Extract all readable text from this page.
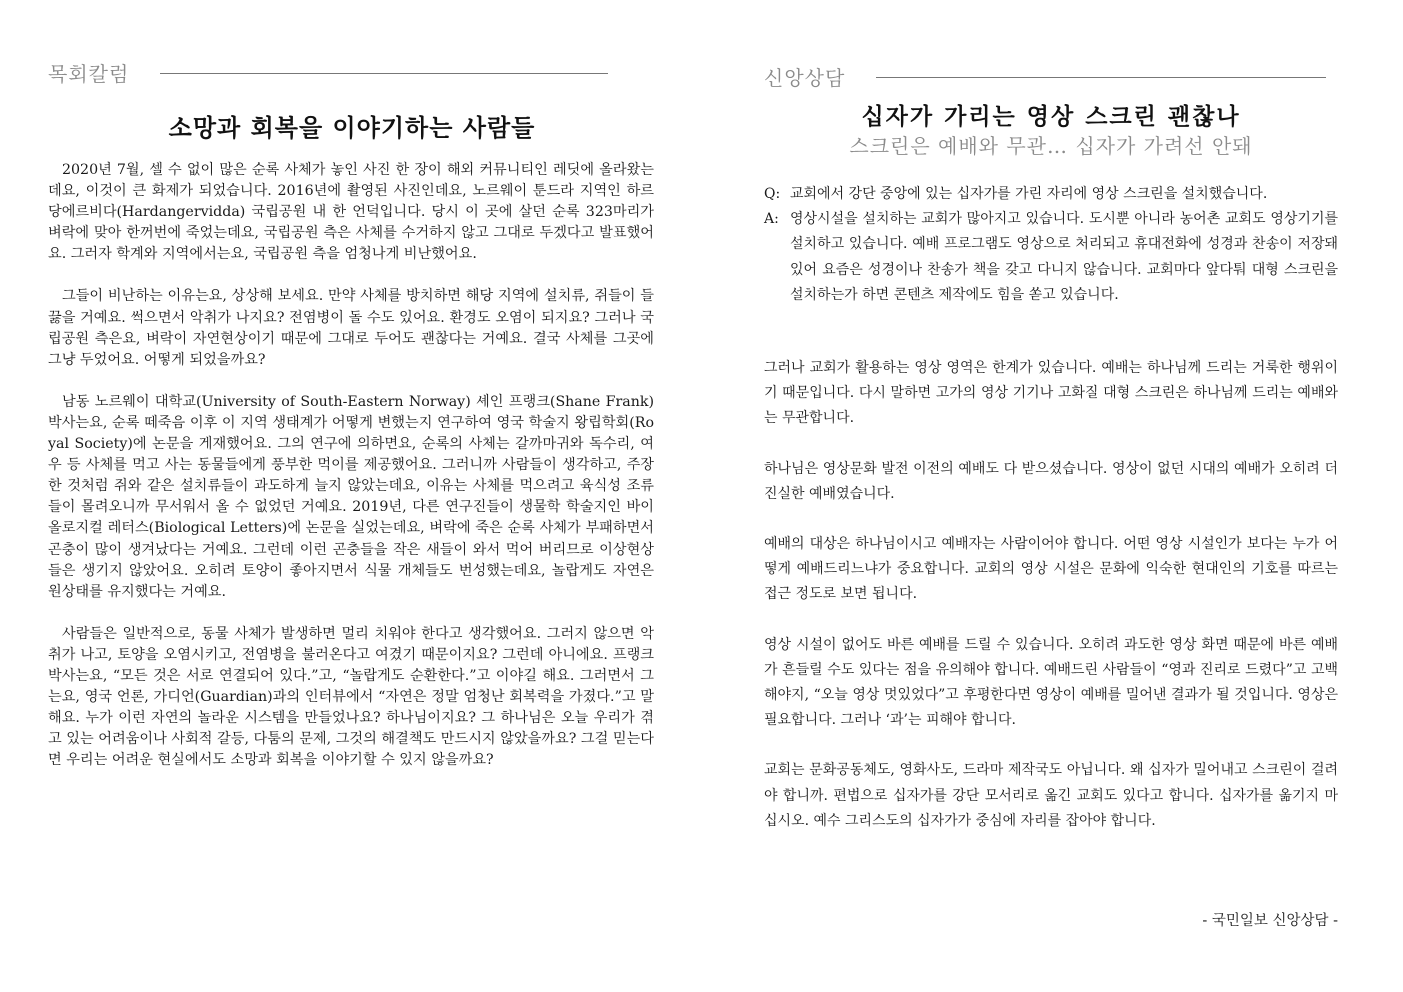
목회칼럼
소망과 회복을 이야기하는 사람들

2020년 7월, 셀 수 없이 많은 순록 사체가 놓인 사진 한 장이 해외 커뮤니티인 레딧에 올라왔는데요, 이것이 큰 화제가 되었습니다. 2016년에 촬영된 사진인데요, 노르웨이 툰드라 지역인 하르당에르비다(Hardangervidda) 국립공원 내 한 언덕입니다. 당시 이 곳에 살던 순록 323마리가 벼락에 맞아 한꺼번에 죽었는데요, 국립공원 측은 사체를 수거하지 않고 그대로 두겠다고 발표했어요. 그러자 학계와 지역에서는요, 국립공원 측을 엄청나게 비난했어요.

그들이 비난하는 이유는요, 상상해 보세요. 만약 사체를 방치하면 해당 지역에 설치류, 쥐들이 들끓을 거예요. 썩으면서 악취가 나지요? 전염병이 돌 수도 있어요. 환경도 오염이 되지요? 그러나 국립공원 측은요, 벼락이 자연현상이기 때문에 그대로 두어도 괜찮다는 거예요. 결국 사체를 그곳에 그냥 두었어요. 어떻게 되었을까요?

남동 노르웨이 대학교(University of South-Eastern Norway) 셰인 프랭크(Shane Frank)박사는요, 순록 떼죽음 이후 이 지역 생태계가 어떻게 변했는지 연구하여 영국 학술지 왕립학회(Royal Society)에 논문을 게재했어요. 그의 연구에 의하면요, 순록의 사체는 갈까마귀와 독수리, 여우 등 사체를 먹고 사는 동물들에게 풍부한 먹이를 제공했어요. 그러니까 사람들이 생각하고, 주장한 것처럼 쥐와 같은 설치류들이 과도하게 늘지 않았는데요, 이유는 사체를 먹으려고 육식성 조류들이 몰려오니까 무서워서 올 수 없었던 거예요. 2019년, 다른 연구진들이 생물학 학술지인 바이올로지컬 레터스(Biological Letters)에 논문을 실었는데요, 벼락에 죽은 순록 사체가 부패하면서 곤충이 많이 생겨났다는 거예요. 그런데 이런 곤충들을 작은 새들이 와서 먹어 버리므로 이상현상들은 생기지 않았어요. 오히려 토양이 좋아지면서 식물 개체들도 번성했는데요, 놀랍게도 자연은 원상태를 유지했다는 거예요.

사람들은 일반적으로, 동물 사체가 발생하면 멀리 치워야 한다고 생각했어요. 그러지 않으면 악취가 나고, 토양을 오염시키고, 전염병을 불러온다고 여겼기 때문이지요? 그런데 아니에요. 프랭크 박사는요, “모든 것은 서로 연결되어 있다.”고, “놀랍게도 순환한다.”고 이야길 해요. 그러면서 그는요, 영국 언론, 가디언(Guardian)과의 인터뷰에서 “자연은 정말 엄청난 회복력을 가졌다.”고 말해요. 누가 이런 자연의 놀라운 시스템을 만들었나요? 하나님이지요? 그 하나님은 오늘 우리가 겪고 있는 어려움이나 사회적 갈등, 다툼의 문제, 그것의 해결책도 만드시지 않았을까요? 그걸 믿는다면 우리는 어려운 현실에서도 소망과 회복을 이야기할 수 있지 않을까요?

신앙상담
십자가 가리는 영상 스크린 괜찮나
스크린은 예배와 무관… 십자가 가려선 안돼
Q: 교회에서 강단 중앙에 있는 십자가를 가린 자리에 영상 스크린을 설치했습니다.
A: 영상시설을 설치하는 교회가 많아지고 있습니다. 도시뿐 아니라 농어촌 교회도 영상기기를 설치하고 있습니다. 예배 프로그램도 영상으로 처리되고 휴대전화에 성경과 찬송이 저장돼 있어 요즘은 성경이나 찬송가 책을 갖고 다니지 않습니다. 교회마다 앞다퉈 대형 스크린을 설치하는가 하면 콘텐츠 제작에도 힘을 쏟고 있습니다.

그러나 교회가 활용하는 영상 영역은 한계가 있습니다. 예배는 하나님께 드리는 거룩한 행위이기 때문입니다. 다시 말하면 고가의 영상 기기나 고화질 대형 스크린은 하나님께 드리는 예배와는 무관합니다.

하나님은 영상문화 발전 이전의 예배도 다 받으셨습니다. 영상이 없던 시대의 예배가 오히려 더 진실한 예배였습니다.

예배의 대상은 하나님이시고 예배자는 사람이어야 합니다. 어떤 영상 시설인가 보다는 누가 어떻게 예배드리느냐가 중요합니다. 교회의 영상 시설은 문화에 익숙한 현대인의 기호를 따르는 접근 정도로 보면 됩니다.

영상 시설이 없어도 바른 예배를 드릴 수 있습니다. 오히려 과도한 영상 화면 때문에 바른 예배가 흔들릴 수도 있다는 점을 유의해야 합니다. 예배드린 사람들이 “영과 진리로 드렸다”고 고백해야지, “오늘 영상 멋있었다”고 후평한다면 영상이 예배를 밀어낸 결과가 될 것입니다. 영상은 필요합니다. 그러나 ‘과’는 피해야 합니다.

교회는 문화공동체도, 영화사도, 드라마 제작국도 아닙니다. 왜 십자가 밀어내고 스크린이 걸려야 합니까. 편법으로 십자가를 강단 모서리로 옮긴 교회도 있다고 합니다. 십자가를 옮기지 마십시오. 예수 그리스도의 십자가가 중심에 자리를 잡아야 합니다.

- 국민일보 신앙상담 -
